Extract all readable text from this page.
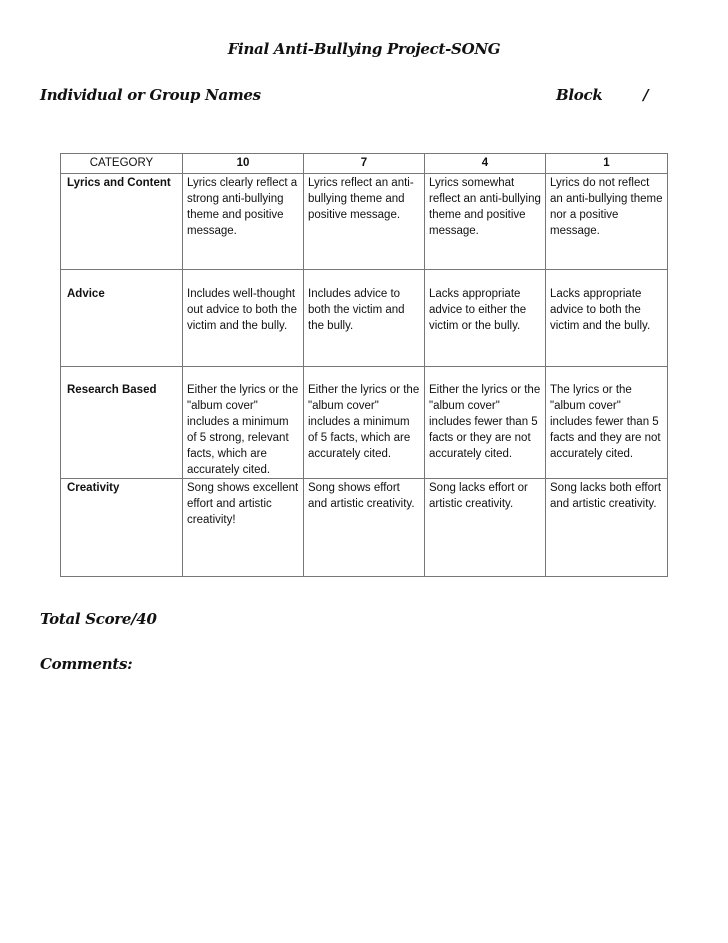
Final Anti-Bullying Project-SONG
Individual or Group Names	Block	/
CATEGORY	10	7	4	1
Lyrics and Content	Lyrics clearly reflect a strong anti-bullying theme and positive message.	Lyrics reflect an anti-bullying theme and positive message.	Lyrics somewhat reflect an anti-bullying theme and positive message.	Lyrics do not reflect an anti-bullying theme nor a positive message.
Advice	Includes well-thought out advice to both the victim and the bully.	Includes advice to both the victim and the bully.	Lacks appropriate advice to either the victim or the bully.	Lacks appropriate advice to both the victim and the bully.
Research Based	Either the lyrics or the "album cover" includes a minimum of 5 strong, relevant facts, which are accurately cited.	Either the lyrics or the "album cover" includes a minimum of 5 facts, which are accurately cited.	Either the lyrics or the "album cover" includes fewer than 5 facts or they are not accurately cited.	The lyrics or the "album cover" includes fewer than 5 facts and they are not accurately cited.
Creativity	Song shows excellent effort and artistic creativity!	Song shows effort and artistic creativity.	Song lacks effort or artistic creativity.	Song lacks both effort and artistic creativity.
Total Score/40
Comments:
